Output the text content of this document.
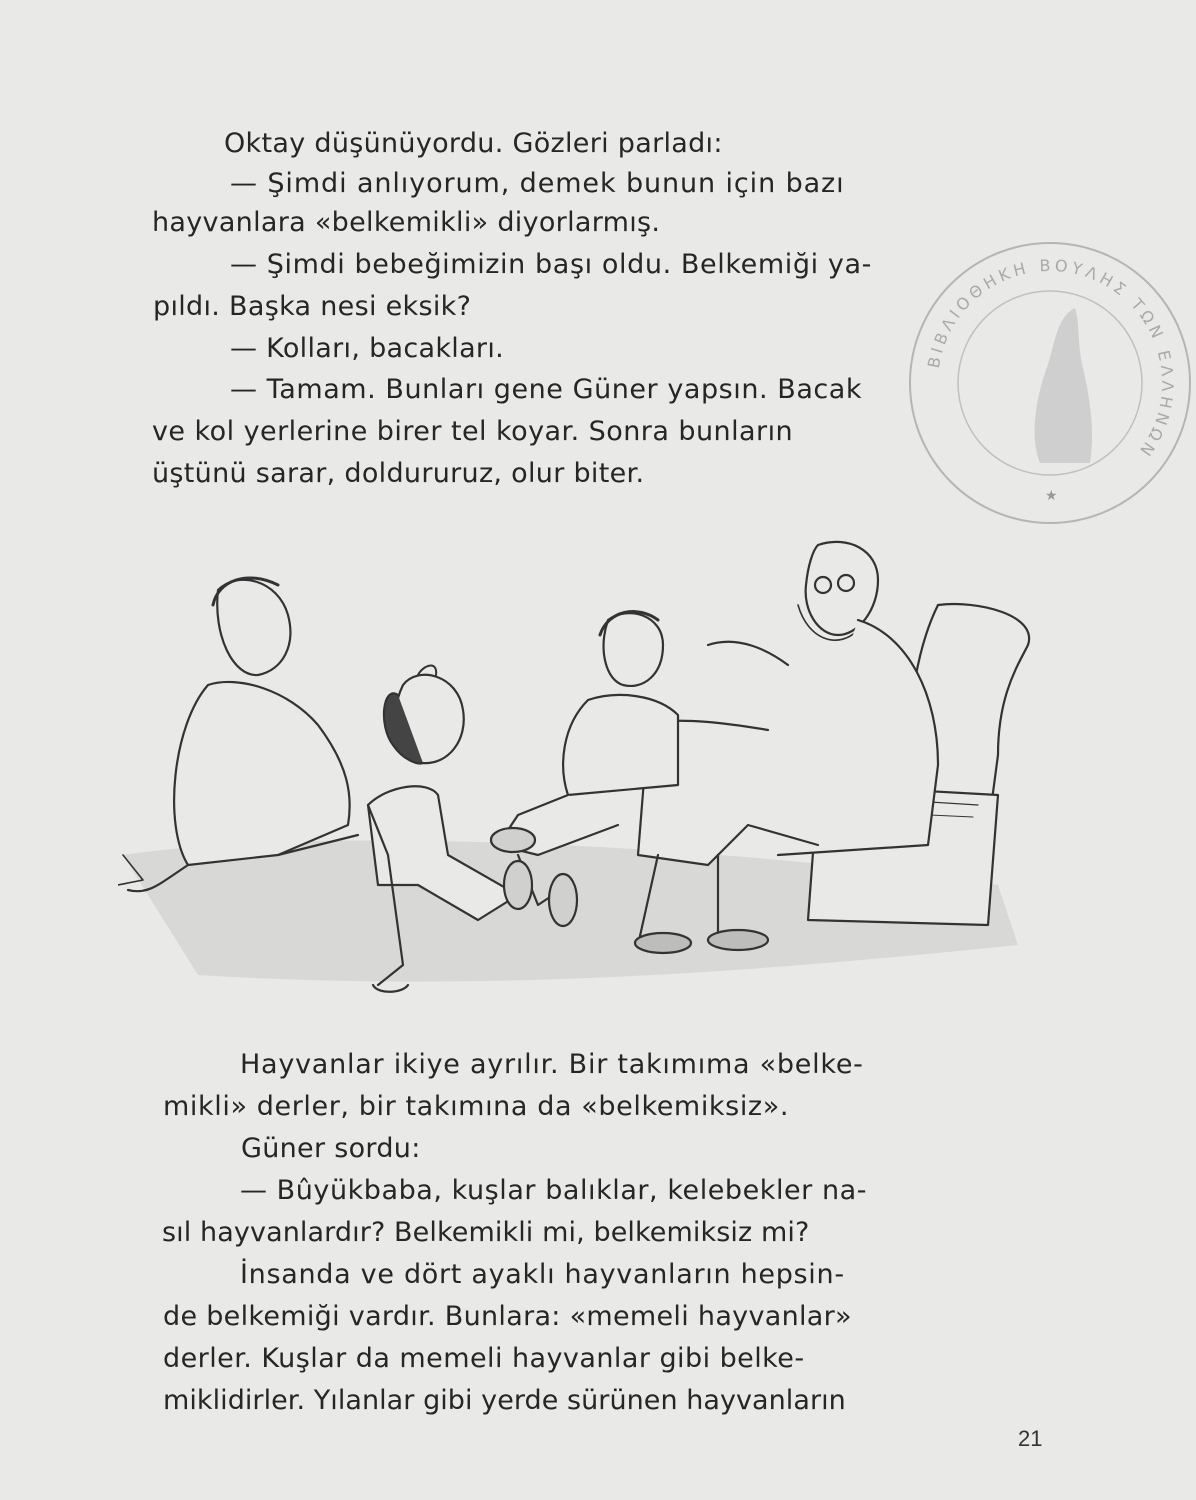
Oktay düşünüyordu. Gözleri parladı:
— Şimdi anlıyorum, demek bunun için bazı
hayvanlara «belkemikli» diyorlarmış.
— Şimdi bebeğimizin başı oldu. Belkemiği ya-
pıldı. Başka nesi eksik?
— Kolları, bacakları.
— Tamam. Bunları gene Güner yapsın. Bacak
ve kol yerlerine birer tel koyar. Sonra bunların
üştünü sarar, doldururuz, olur biter.
ΒΙΒΛΙΟΘΗΚΗ ΒΟΥΛΗΣ ΤΩΝ ΕΛΛΗΝΩΝ
★
Hayvanlar ikiye ayrılır. Bir takımıma «belke-
mikli» derler, bir takımına da «belkemiksiz».
Güner sordu:
— Bûyükbaba, kuşlar balıklar, kelebekler na-
sıl hayvanlardır? Belkemikli mi, belkemiksiz mi?
İnsanda ve dört ayaklı hayvanların hepsin-
de belkemiği vardır. Bunlara: «memeli hayvanlar»
derler. Kuşlar da memeli hayvanlar gibi belke-
miklidirler. Yılanlar gibi yerde sürünen hayvanların
21
